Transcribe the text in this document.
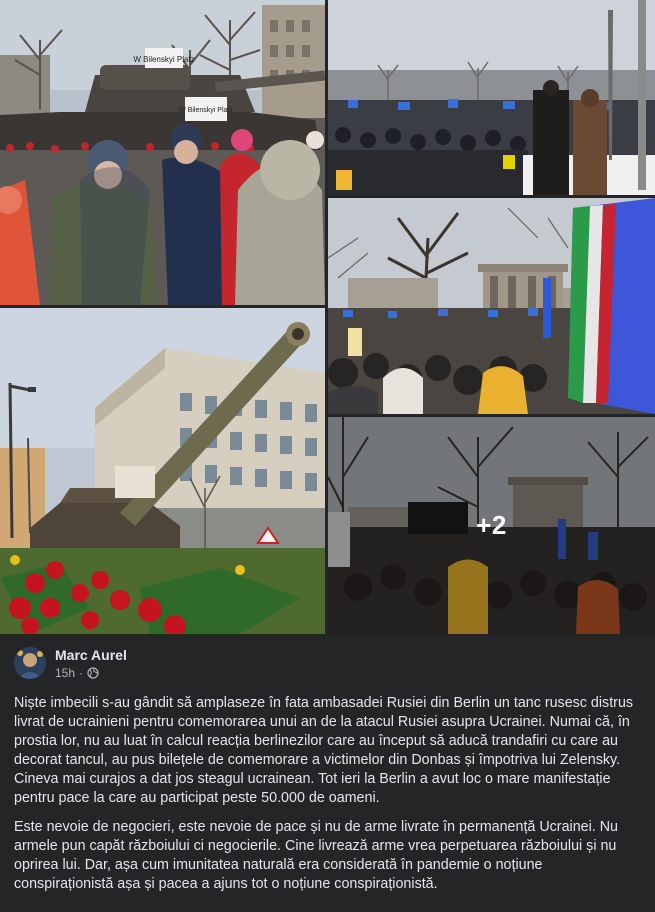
W Bilenskyi Platz
W Bilenskyi Platz
+2
Marc Aurel
15h ·

Niște imbecili s-au gândit să amplaseze în fata ambasadei Rusiei din Berlin un tanc rusesc distrus livrat de ucrainieni pentru comemorarea unui an de la atacul Rusiei asupra Ucrainei. Numai că, în prostia lor, nu au luat în calcul reacția berlinezilor care au început să aducă trandafiri cu care au decorat tancul, au pus bilețele de comemorare a victimelor din Donbas și împotriva lui Zelensky. Cineva mai curajos a dat jos steagul ucrainean. Tot ieri la Berlin a avut loc o mare manifestație pentru pace la care au participat peste 50.000 de oameni.

Este nevoie de negocieri, este nevoie de pace și nu de arme livrate în permanență Ucrainei. Nu armele pun capăt războiului ci negocierile. Cine livrează arme vrea perpetuarea războiului și nu oprirea lui. Dar, așa cum imunitatea naturală era considerată în pandemie o noțiune conspiraționistă așa și pacea a ajuns tot o noțiune conspiraționistă.
